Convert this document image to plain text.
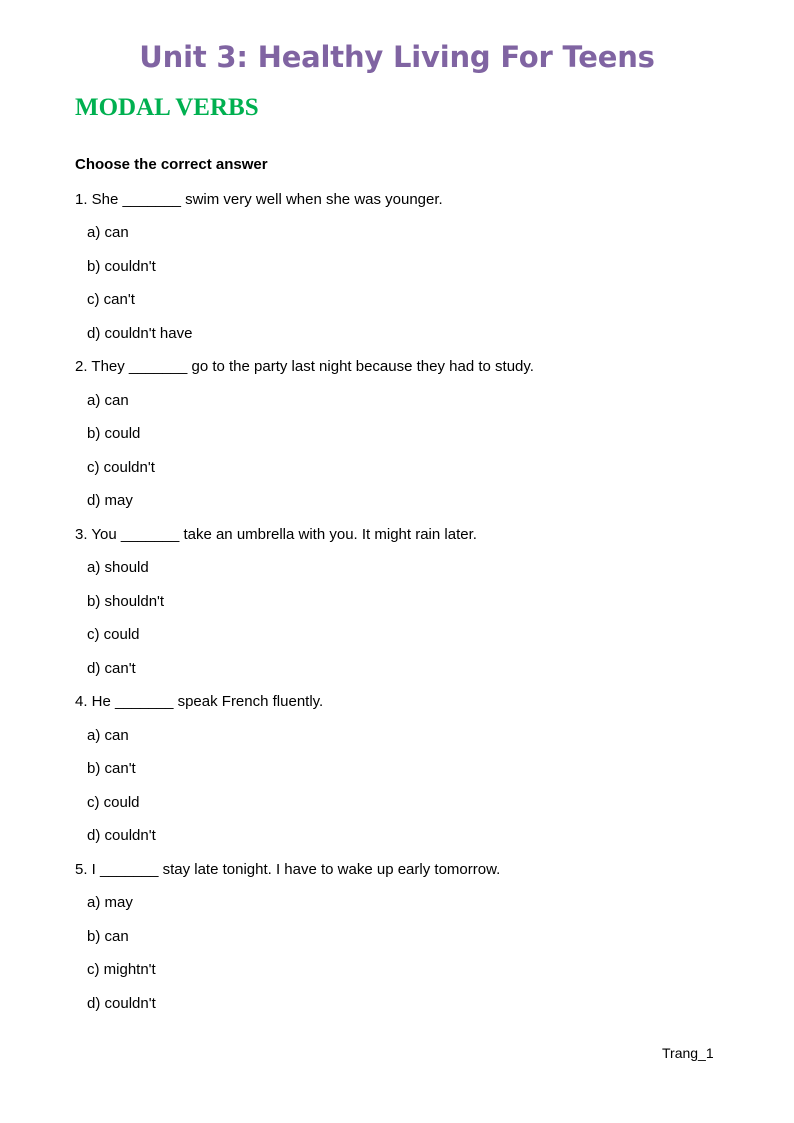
Unit 3: Healthy Living For Teens
MODAL VERBS
Choose the correct answer
1. She _______ swim very well when she was younger.
a) can
b) couldn't
c) can't
d) couldn't have
2. They _______ go to the party last night because they had to study.
a) can
b) could
c) couldn't
d) may
3. You _______ take an umbrella with you. It might rain later.
a) should
b) shouldn't
c) could
d) can't
4. He _______ speak French fluently.
a) can
b) can't
c) could
d) couldn't
5. I _______ stay late tonight. I have to wake up early tomorrow.
a) may
b) can
c) mightn't
d) couldn't
Trang_1
